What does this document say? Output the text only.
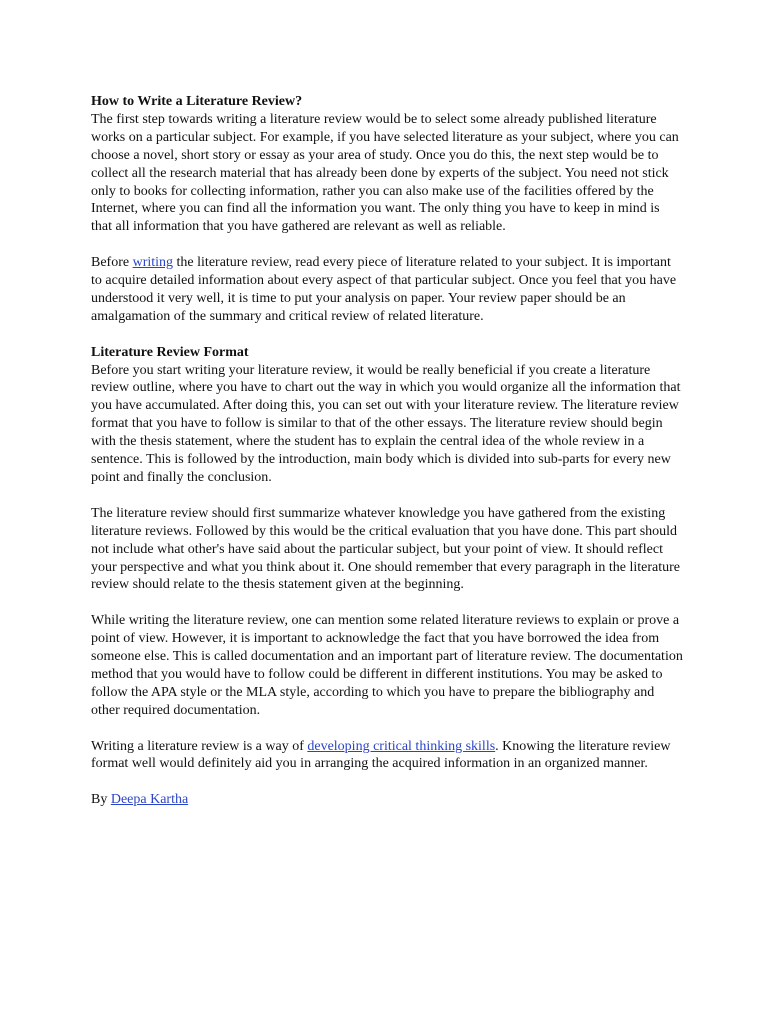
How to Write a Literature Review?
The first step towards writing a literature review would be to select some already published literature works on a particular subject. For example, if you have selected literature as your subject, where you can choose a novel, short story or essay as your area of study. Once you do this, the next step would be to collect all the research material that has already been done by experts of the subject. You need not stick only to books for collecting information, rather you can also make use of the facilities offered by the Internet, where you can find all the information you want. The only thing you have to keep in mind is that all information that you have gathered are relevant as well as reliable.

Before writing the literature review, read every piece of literature related to your subject. It is important to acquire detailed information about every aspect of that particular subject. Once you feel that you have understood it very well, it is time to put your analysis on paper. Your review paper should be an amalgamation of the summary and critical review of related literature.

Literature Review Format
Before you start writing your literature review, it would be really beneficial if you create a literature review outline, where you have to chart out the way in which you would organize all the information that you have accumulated. After doing this, you can set out with your literature review. The literature review format that you have to follow is similar to that of the other essays. The literature review should begin with the thesis statement, where the student has to explain the central idea of the whole review in a sentence. This is followed by the introduction, main body which is divided into sub-parts for every new point and finally the conclusion.

The literature review should first summarize whatever knowledge you have gathered from the existing literature reviews. Followed by this would be the critical evaluation that you have done. This part should not include what other's have said about the particular subject, but your point of view. It should reflect your perspective and what you think about it. One should remember that every paragraph in the literature review should relate to the thesis statement given at the beginning.

While writing the literature review, one can mention some related literature reviews to explain or prove a point of view. However, it is important to acknowledge the fact that you have borrowed the idea from someone else. This is called documentation and an important part of literature review. The documentation method that you would have to follow could be different in different institutions. You may be asked to follow the APA style or the MLA style, according to which you have to prepare the bibliography and other required documentation.

Writing a literature review is a way of developing critical thinking skills. Knowing the literature review format well would definitely aid you in arranging the acquired information in an organized manner.

By Deepa Kartha
